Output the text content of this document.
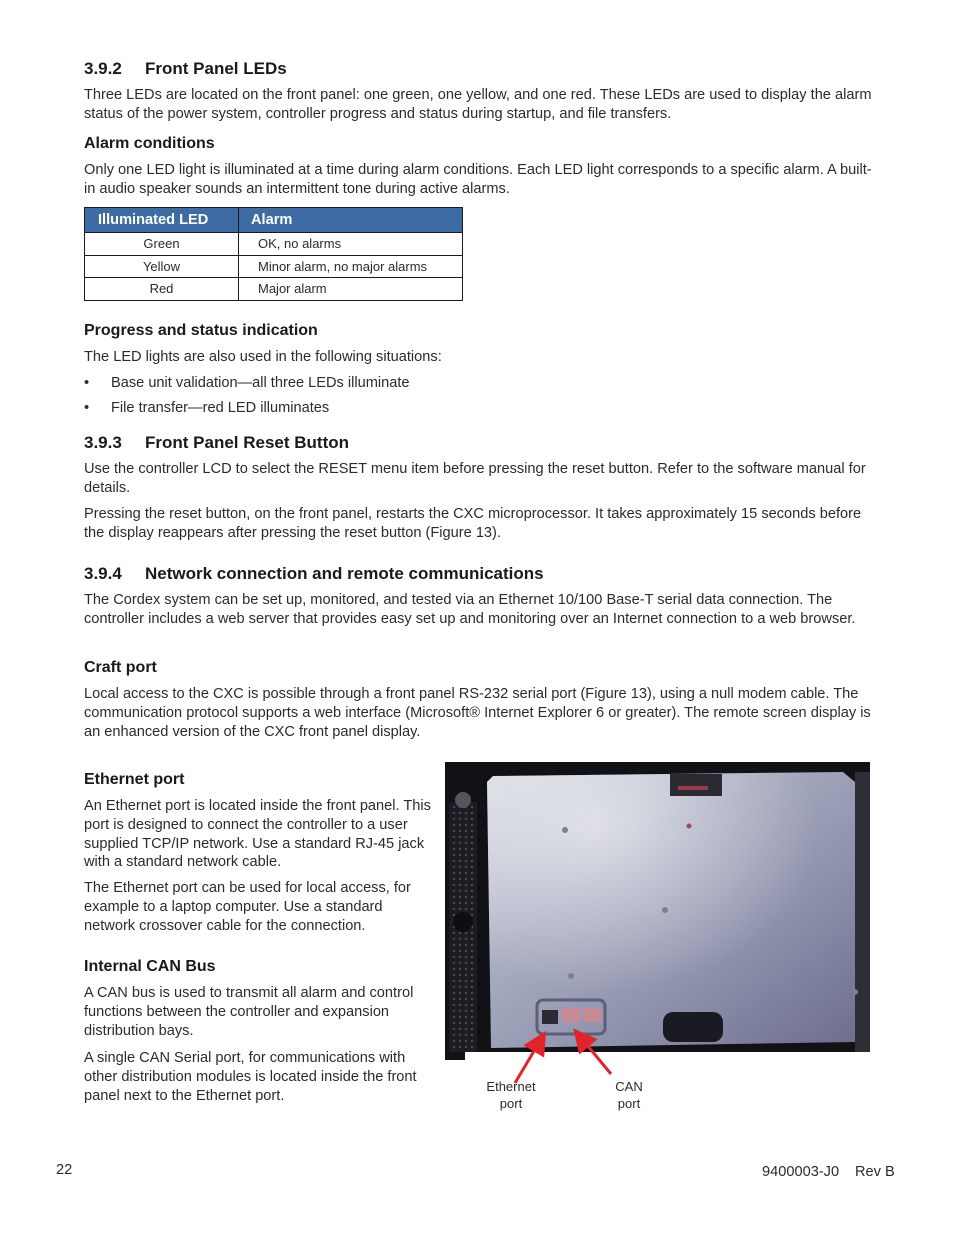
3.9.2 Front Panel LEDs
Three LEDs are located on the front panel: one green, one yellow, and one red. These LEDs are used to display the alarm status of the power system, controller progress and status during startup, and file transfers.
Alarm conditions
Only one LED light is illuminated at a time during alarm conditions. Each LED light corresponds to a specific alarm. A built-in audio speaker sounds an intermittent tone during active alarms.
Illuminated LED	Alarm
Green	OK, no alarms
Yellow	Minor alarm, no major alarms
Red	Major alarm
Progress and status indication
The LED lights are also used in the following situations:
• Base unit validation—all three LEDs illuminate
• File transfer—red LED illuminates
3.9.3 Front Panel Reset Button
Use the controller LCD to select the RESET menu item before pressing the reset button. Refer to the software manual for details.
Pressing the reset button, on the front panel, restarts the CXC microprocessor. It takes approximately 15 seconds before the display reappears after pressing the reset button (Figure 13).
3.9.4 Network connection and remote communications
The Cordex system can be set up, monitored, and tested via an Ethernet 10/100 Base-T serial data connection. The controller includes a web server that provides easy set up and monitoring over an Internet connection to a web browser.
Craft port
Local access to the CXC is possible through a front panel RS-232 serial port (Figure 13), using a null modem cable. The communication protocol supports a web interface (Microsoft® Internet Explorer 6 or greater). The remote screen display is an enhanced version of the CXC front panel display.
Ethernet port
An Ethernet port is located inside the front panel. This port is designed to connect the controller to a user supplied TCP/IP network. Use a standard RJ-45 jack with a standard network cable.
The Ethernet port can be used for local access, for example to a laptop computer. Use a standard network crossover cable for the connection.
Internal CAN Bus
A CAN bus is used to transmit all alarm and control functions between the controller and expansion distribution bays.
A single CAN Serial port, for communications with other distribution modules is located inside the front panel next to the Ethernet port.
Ethernet port
CAN port
22	9400003-J0 Rev B
